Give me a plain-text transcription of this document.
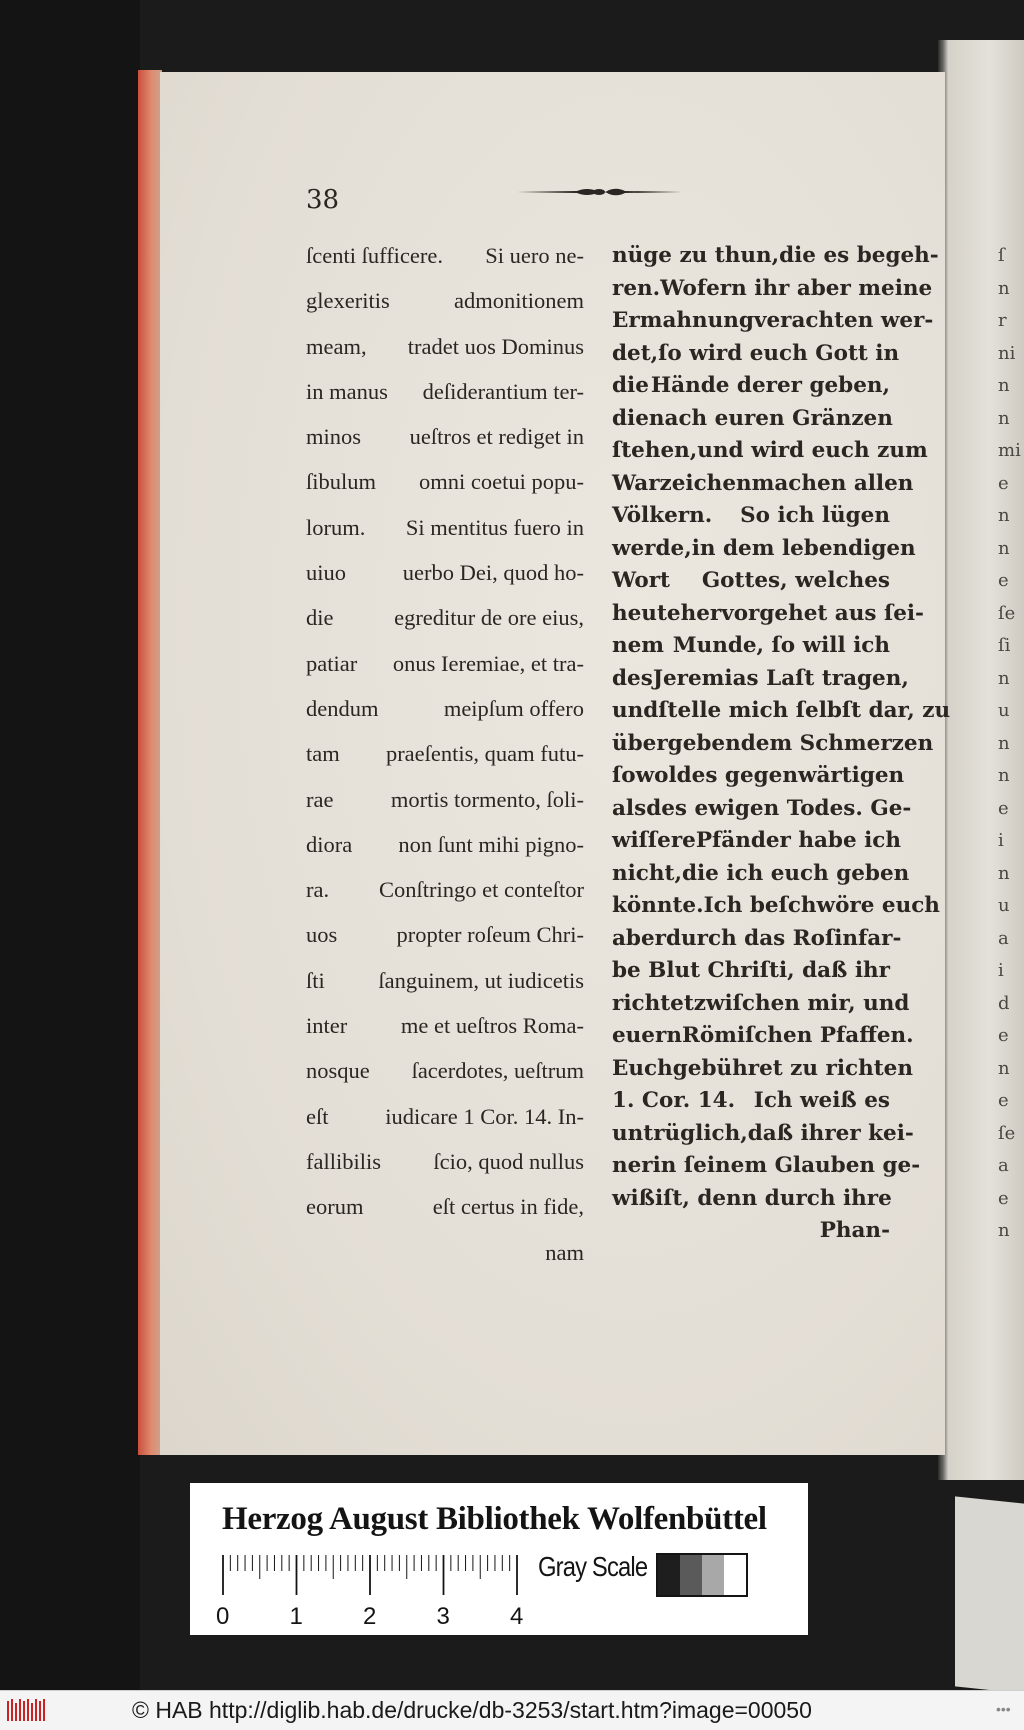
ſ
n
r
ni
n
n
mi
e
n
n
e
ſe
ſi
n
u
n
n
e
i
n
u
a
i
d
e
n
e
ſe
a
e
n
38
ſcenti ſufficere. Si uero ne-
glexeritis	admonitionem
meam, tradet uos Dominus
in manus deſiderantium ter-
minos ueſtros et rediget in
ſibulum omni coetui popu-
lorum. Si mentitus fuero in
uiuo	uerbo Dei, quod ho-
die	egreditur de ore eius,
patiar onus Ieremiae, et tra-
dendum	meipſum offero
tam praeſentis, quam futu-
rae	mortis tormento, ſoli-
diora non ſunt mihi pigno-
ra. Conſtringo et conteſtor
uos	propter roſeum Chri-
ſti ſanguinem, ut iudicetis
inter me et ueſtros Roma-
nosque ſacerdotes, ueſtrum
eſt	iudicare 1 Cor. 14. In-
fallibilis ſcio, quod nullus
eorum	eſt certus in fide,
nam
nüge zu thun, die es begeh-
ren. Wofern ihr aber meine
Ermahnung verachten wer-
det, ſo wird euch Gott in
die Hände derer geben,
die nach euren Gränzen
ſtehen, und wird euch zum
Warzeichen machen allen
Völkern. So ich lügen
werde, in dem lebendigen
Wort Gottes, welches
heute hervorgehet aus ſei-
nem Munde, ſo will ich
des Jeremias Laſt tragen,
und ſtelle mich ſelbſt dar, zu
übergeben dem Schmerzen
ſowol des gegenwärtigen
als des ewigen Todes. Ge-
wiſſere Pfänder habe ich
nicht, die ich euch geben
könnte. Ich beſchwöre euch
aber durch das Roſinfar-
be Blut Chriſti, daß ihr
richtet zwiſchen mir, und
euern Römiſchen Pfaffen.
Euch gebühret zu richten
1. Cor. 14. Ich weiß es
untrüglich, daß ihrer kei-
ner in ſeinem Glauben ge-
wiß iſt, denn durch ihre
Phan-
Herzog August Bibliothek Wolfenbüttel
0	1	2	3	4
Gray Scale
© HAB http://diglib.hab.de/drucke/db-3253/start.htm?image=00050	•••
